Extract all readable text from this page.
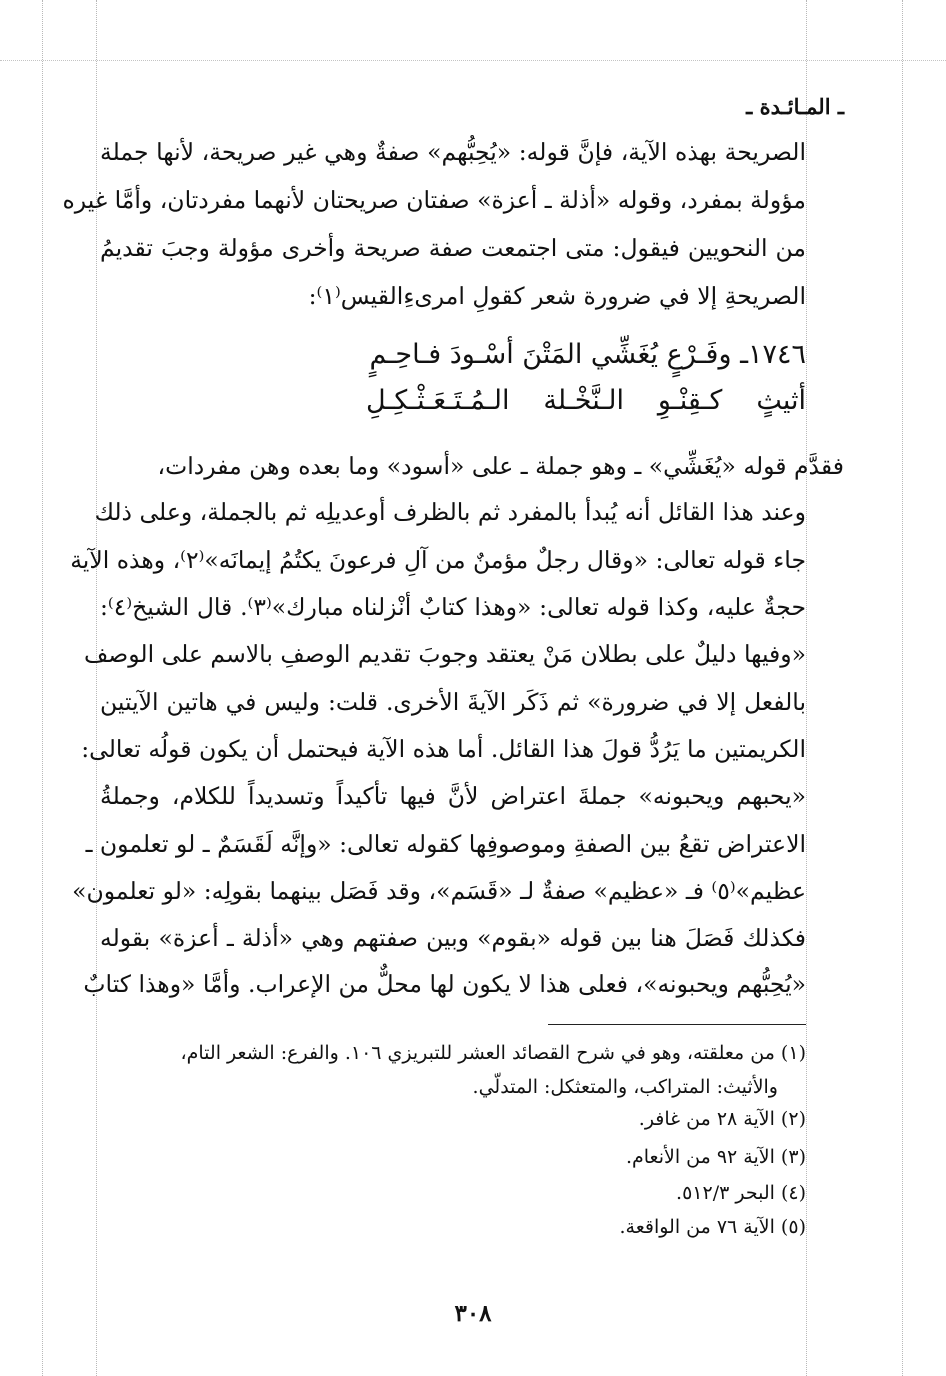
ـ المـائـدة ـ
الصريحة بهذه الآية، فإنَّ قوله: «يُحِبُّهم» صفةٌ وهي غير صريحة، لأنها جملة
مؤولة بمفرد، وقوله «أذلة ـ أعزة» صفتان صريحتان لأنهما مفردتان، وأمَّا غيره
من النحويين فيقول: متى اجتمعت صفة صريحة وأخرى مؤولة وجبَ تقديمُ
الصريحةِ إلا في ضرورة شعر كقولِ امرىءِالقيس⁽١⁾:
١٧٤٦ـ وفَـرْعٍ يُغَشِّي المَتْنَ أسْـودَ فـاحِـمٍ
أثيثٍ كـقِنْـوِ الـنَّخْـلة الـمُـتَـعَـثْـكِـلِ
فقدَّم قوله «يُغَشِّي» ـ وهو جملة ـ على «أسود» وما بعده وهن مفردات،
وعند هذا القائل أنه يُبدأ بالمفرد ثم بالظرف أوعديلِه ثم بالجملة، وعلى ذلك
جاء قوله تعالى: «وقال رجلٌ مؤمنٌ من آلِ فرعونَ يكتُمُ إيمانَه»⁽٢⁾، وهذه الآية
حجةٌ عليه، وكذا قوله تعالى: «وهذا كتابٌ أنْزلناه مبارك»⁽٣⁾. قال الشيخ⁽٤⁾:
«وفيها دليلٌ على بطلان مَنْ يعتقد وجوبَ تقديم الوصفِ بالاسم على الوصف
بالفعل إلا في ضرورة» ثم ذَكَر الآيةَ الأخرى. قلت: وليس في هاتين الآيتين
الكريمتين ما يَرُدُّ قولَ هذا القائل. أما هذه الآية فيحتمل أن يكون قولُه تعالى:
«يحبهم ويحبونه» جملةَ اعتراض لأنَّ فيها تأكيداً وتسديداً للكلام، وجملةُ
الاعتراض تقعُ بين الصفةِ وموصوفِها كقوله تعالى: «وإنَّه لَقَسَمٌ ـ لو تعلمون ـ
عظيم»⁽٥⁾ فـ «عظيم» صفةٌ لـ «قَسَم»، وقد فَصَل بينهما بقولِه: «لو تعلمون»
فكذلك فَصَلَ هنا بين قوله «بقوم» وبين صفتهم وهي «أذلة ـ أعزة» بقوله
«يُحِبُّهم ويحبونه»، فعلى هذا لا يكون لها محلٌّ من الإعراب. وأمَّا «وهذا كتابٌ
(١) من معلقته، وهو في شرح القصائد العشر للتبريزي ١٠٦. والفرع: الشعر التام،
والأثيث: المتراكب، والمتعثكل: المتدلّي.
(٢) الآية ٢٨ من غافر.
(٣) الآية ٩٢ من الأنعام.
(٤) البحر ٥١٢/٣.
(٥) الآية ٧٦ من الواقعة.
٣٠٨
